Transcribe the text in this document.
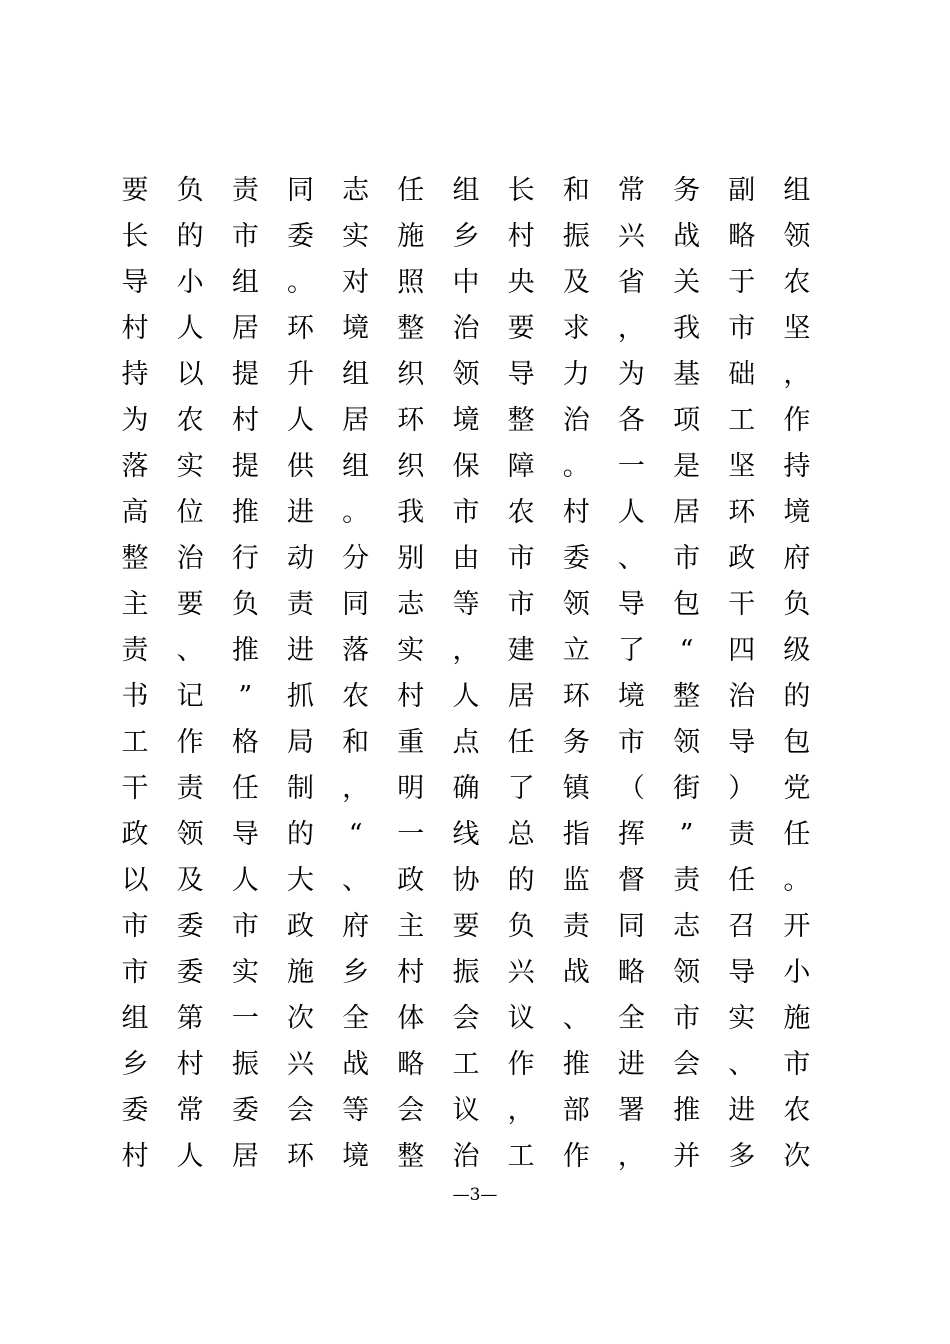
要	负	责	同	志	任	组	长	和	常	务	副	组
长	的	市	委	实	施	乡	村	振	兴	战	略	领
导	小	组	。	对	照	中	央	及	省	关	于	农
村	人	居	环	境	整	治	要	求	，	我	市	坚
持	以	提	升	组	织	领	导	力	为	基	础	，
为	农	村	人	居	环	境	整	治	各	项	工	作
落	实	提	供	组	织	保	障	。	一	是	坚	持
高	位	推	进	。	我	市	农	村	人	居	环	境
整	治	行	动	分	别	由	市	委	、	市	政	府
主	要	负	责	同	志	等	市	领	导	包	干	负
责	、	推	进	落	实	，	建	立	了	“	四	级
书	记	”	抓	农	村	人	居	环	境	整	治	的
工	作	格	局	和	重	点	任	务	市	领	导	包
干	责	任	制	，	明	确	了	镇	（	街	）	党
政	领	导	的	“	一	线	总	指	挥	”	责	任
以	及	人	大	、	政	协	的	监	督	责	任	。
市	委	市	政	府	主	要	负	责	同	志	召	开
市	委	实	施	乡	村	振	兴	战	略	领	导	小
组	第	一	次	全	体	会	议	、	全	市	实	施
乡	村	振	兴	战	略	工	作	推	进	会	、	市
委	常	委	会	等	会	议	，	部	署	推	进	农
村	人	居	环	境	整	治	工	作	，	并	多	次
—3—
